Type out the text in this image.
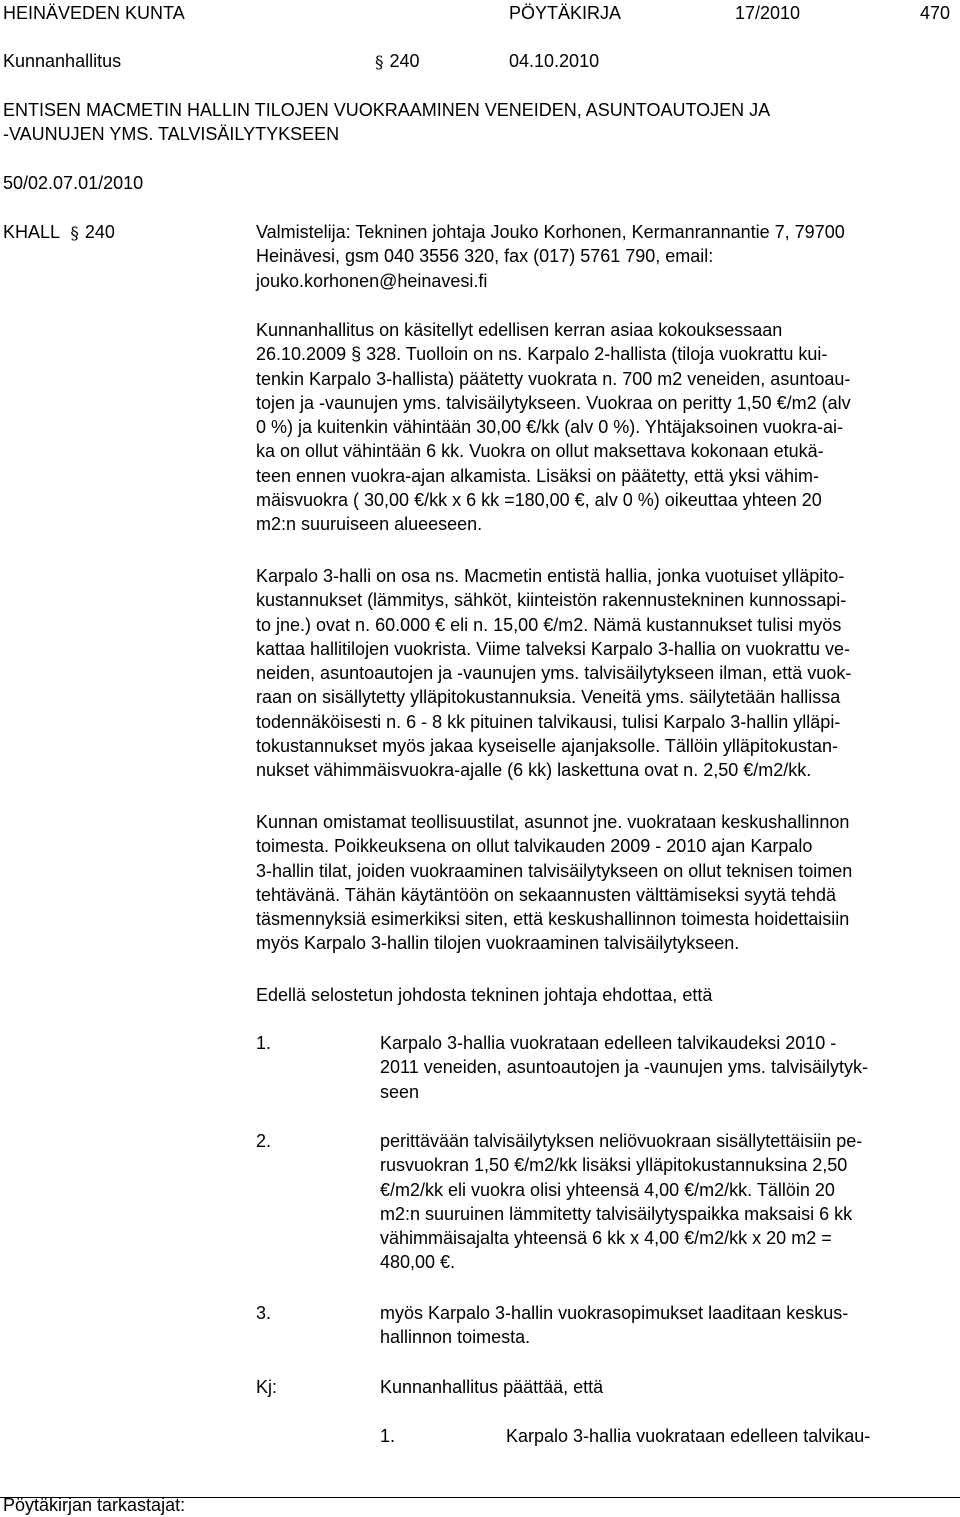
HEINÄVEDEN KUNTA	PÖYTÄKIRJA	17/2010	470
Kunnanhallitus	§ 240	04.10.2010
ENTISEN MACMETIN HALLIN TILOJEN VUOKRAAMINEN VENEIDEN, ASUNTOAUTOJEN JA
-VAUNUJEN YMS. TALVISÄILYTYKSEEN
50/02.07.01/2010
KHALL § 240	Valmistelija: Tekninen johtaja Jouko Korhonen, Kermanrannantie 7, 79700
Heinävesi, gsm 040 3556 320, fax (017) 5761 790, email:
jouko.korhonen@heinavesi.fi
Kunnanhallitus on käsitellyt edellisen kerran asiaa kokouksessaan
26.10.2009 § 328. Tuolloin on ns. Karpalo 2-hallista (tiloja vuokrattu kui-
tenkin Karpalo 3-hallista) päätetty vuokrata n. 700 m2 veneiden, asuntoau-
tojen ja -vaunujen yms. talvisäilytykseen. Vuokraa on peritty 1,50 €/m2 (alv
0 %) ja kuitenkin vähintään 30,00 €/kk (alv 0 %). Yhtäjaksoinen vuokra-ai-
ka on ollut vähintään 6 kk. Vuokra on ollut maksettava kokonaan etukä-
teen ennen vuokra-ajan alkamista. Lisäksi on päätetty, että yksi vähim-
mäisvuokra ( 30,00 €/kk x 6 kk =180,00 €, alv 0 %) oikeuttaa yhteen 20
m2:n suuruiseen alueeseen.
Karpalo 3-halli on osa ns. Macmetin entistä hallia, jonka vuotuiset ylläpito-
kustannukset (lämmitys, sähköt, kiinteistön rakennustekninen kunnossapi-
to jne.) ovat n. 60.000 € eli n. 15,00 €/m2. Nämä kustannukset tulisi myös
kattaa hallitilojen vuokrista. Viime talveksi Karpalo 3-hallia on vuokrattu ve-
neiden, asuntoautojen ja -vaunujen yms. talvisäilytykseen ilman, että vuok-
raan on sisällytetty ylläpitokustannuksia. Veneitä yms. säilytetään hallissa
todennäköisesti n. 6 - 8 kk pituinen talvikausi, tulisi Karpalo 3-hallin ylläpi-
tokustannukset myös jakaa kyseiselle ajanjaksolle. Tällöin ylläpitokustan-
nukset vähimmäisvuokra-ajalle (6 kk) laskettuna ovat n. 2,50 €/m2/kk.
Kunnan omistamat teollisuustilat, asunnot jne. vuokrataan keskushallinnon
toimesta. Poikkeuksena on ollut talvikauden 2009 - 2010 ajan Karpalo
3-hallin tilat, joiden vuokraaminen talvisäilytykseen on ollut teknisen toimen
tehtävänä. Tähän käytäntöön on sekaannusten välttämiseksi syytä tehdä
täsmennyksiä esimerkiksi siten, että keskushallinnon toimesta hoidettaisiin
myös Karpalo 3-hallin tilojen vuokraaminen talvisäilytykseen.
Edellä selostetun johdosta tekninen johtaja ehdottaa, että
1.	Karpalo 3-hallia vuokrataan edelleen talvikaudeksi 2010 -
2011 veneiden, asuntoautojen ja -vaunujen yms. talvisäilytyk-
seen
2.	perittävään talvisäilytyksen neliövuokraan sisällytettäisiin pe-
rusvuokran 1,50 €/m2/kk lisäksi ylläpitokustannuksina 2,50
€/m2/kk eli vuokra olisi yhteensä 4,00 €/m2/kk. Tällöin 20
m2:n suuruinen lämmitetty talvisäilytyspaikka maksaisi 6 kk
vähimmäisajalta yhteensä 6 kk x 4,00 €/m2/kk x 20 m2 =
480,00 €.
3.	myös Karpalo 3-hallin vuokrasopimukset laaditaan keskus-
hallinnon toimesta.
Kj:	Kunnanhallitus päättää, että
1.	Karpalo 3-hallia vuokrataan edelleen talvikau-
Pöytäkirjan tarkastajat:
